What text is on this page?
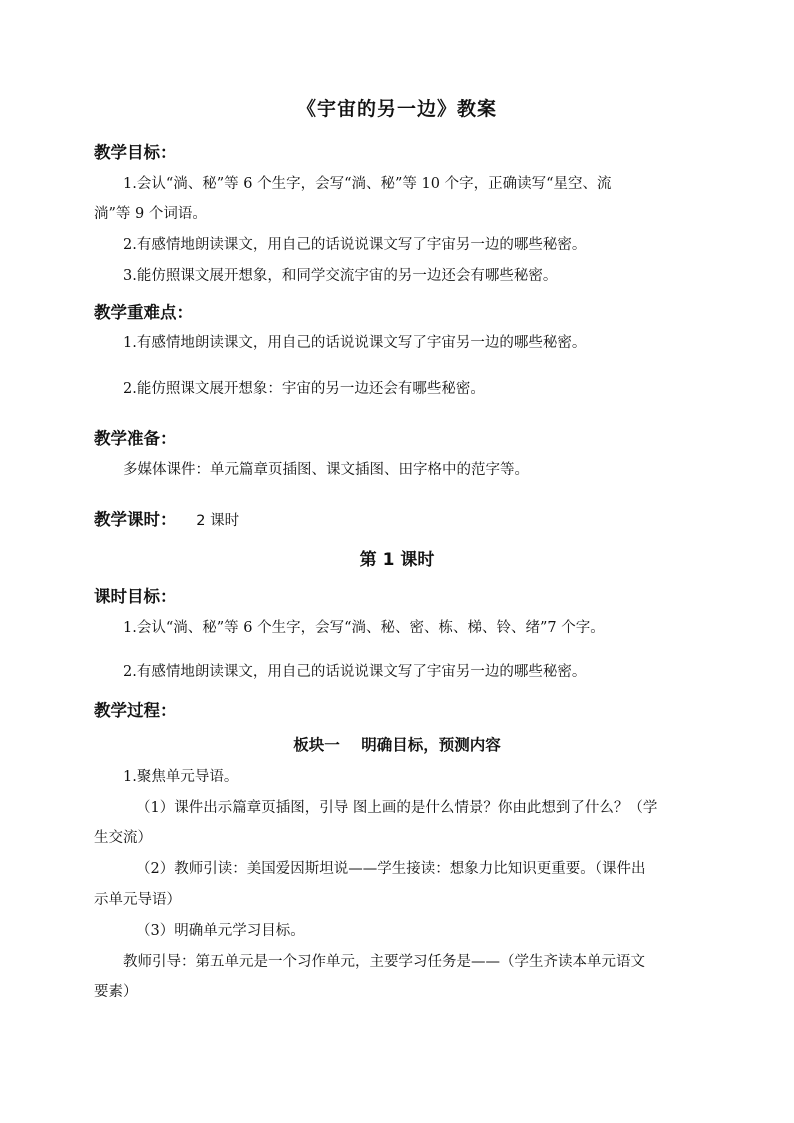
《宇宙的另一边》教案
教学目标：
1.会认“淌、秘”等 6 个生字，会写“淌、秘”等 10 个字，正确读写“星空、流
淌”等 9 个词语。
2.有感情地朗读课文，用自己的话说说课文写了宇宙另一边的哪些秘密。
3.能仿照课文展开想象，和同学交流宇宙的另一边还会有哪些秘密。
教学重难点：
1.有感情地朗读课文，用自己的话说说课文写了宇宙另一边的哪些秘密。
2.能仿照课文展开想象：宇宙的另一边还会有哪些秘密。
教学准备：
多媒体课件：单元篇章页插图、课文插图、田字格中的范字等。
教学课时： 2 课时
第 1 课时
课时目标：
1.会认“淌、秘”等 6 个生字，会写“淌、秘、密、栋、梯、铃、绪”7 个字。
2.有感情地朗读课文，用自己的话说说课文写了宇宙另一边的哪些秘密。
教学过程：
板块一    明确目标，预测内容
1.聚焦单元导语。
（1）课件出示篇章页插图，引导 图上画的是什么情景？你由此想到了什么？（学
生交流）
（2）教师引读：美国爱因斯坦说——学生接读：想象力比知识更重要。（课件出
示单元导语）
（3）明确单元学习目标。
教师引导：第五单元是一个习作单元，主要学习任务是——（学生齐读本单元语文
要素）
